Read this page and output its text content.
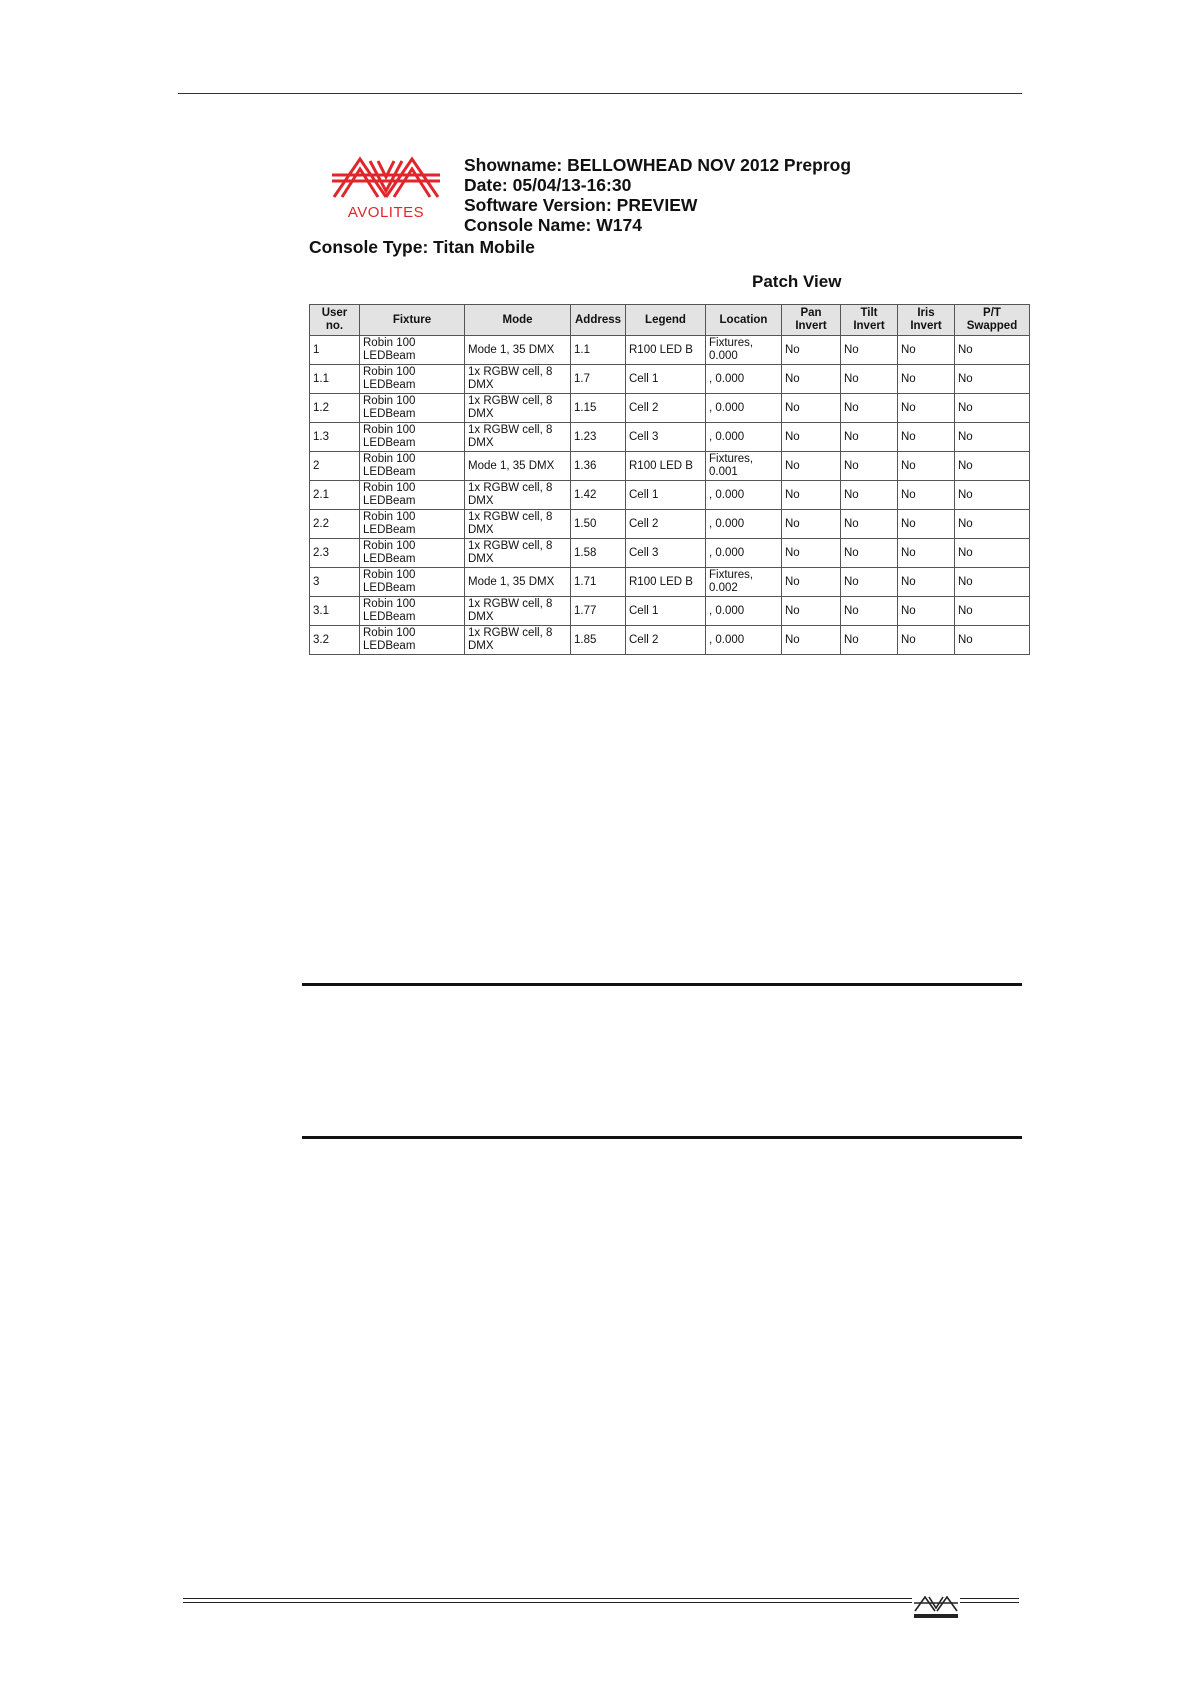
AVOLITES
Showname: BELLOWHEAD NOV 2012 Preprog
Date: 05/04/13-16:30
Software Version: PREVIEW
Console Name: W174
Console Type: Titan Mobile
Patch View
User no.	Fixture	Mode	Address	Legend	Location	Pan Invert	Tilt Invert	Iris Invert	P/T Swapped
1	Robin 100 LEDBeam	Mode 1, 35 DMX	1.1	R100 LED B	Fixtures, 0.000	No	No	No	No
1.1	Robin 100 LEDBeam	1x RGBW cell, 8 DMX	1.7	Cell 1	, 0.000	No	No	No	No
1.2	Robin 100 LEDBeam	1x RGBW cell, 8 DMX	1.15	Cell 2	, 0.000	No	No	No	No
1.3	Robin 100 LEDBeam	1x RGBW cell, 8 DMX	1.23	Cell 3	, 0.000	No	No	No	No
2	Robin 100 LEDBeam	Mode 1, 35 DMX	1.36	R100 LED B	Fixtures, 0.001	No	No	No	No
2.1	Robin 100 LEDBeam	1x RGBW cell, 8 DMX	1.42	Cell 1	, 0.000	No	No	No	No
2.2	Robin 100 LEDBeam	1x RGBW cell, 8 DMX	1.50	Cell 2	, 0.000	No	No	No	No
2.3	Robin 100 LEDBeam	1x RGBW cell, 8 DMX	1.58	Cell 3	, 0.000	No	No	No	No
3	Robin 100 LEDBeam	Mode 1, 35 DMX	1.71	R100 LED B	Fixtures, 0.002	No	No	No	No
3.1	Robin 100 LEDBeam	1x RGBW cell, 8 DMX	1.77	Cell 1	, 0.000	No	No	No	No
3.2	Robin 100 LEDBeam	1x RGBW cell, 8 DMX	1.85	Cell 2	, 0.000	No	No	No	No
